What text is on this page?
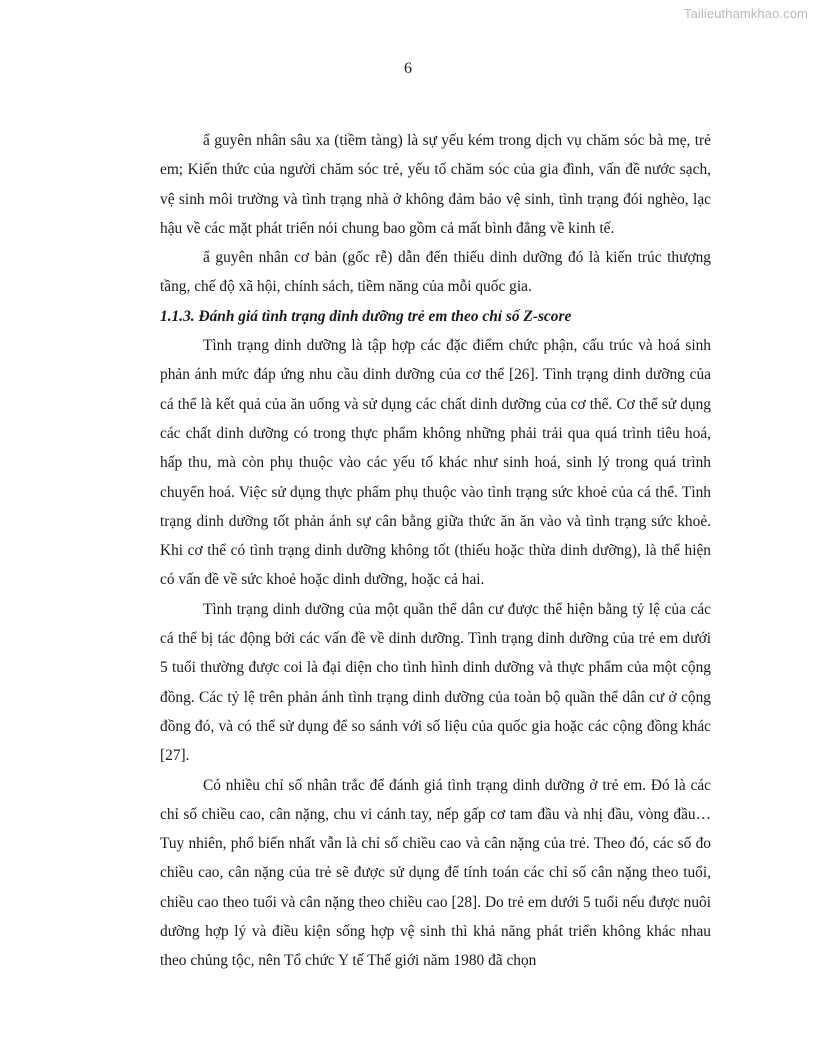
Tailieuthamkhao.com
6

ẩ guyên nhân sâu xa (tiềm tàng) là sự yếu kém trong dịch vụ chăm sóc bà mẹ, trẻ em; Kiến thức của người chăm sóc trẻ, yếu tố chăm sóc của gia đình, vấn đề nước sạch, vệ sinh môi trường và tình trạng nhà ở không đảm bảo vệ sinh, tình trạng đói nghèo, lạc hậu về các mặt phát triển nói chung bao gồm cả mất bình đẳng về kinh tế.

ẩ guyên nhân cơ bản (gốc rễ) dẫn đến thiếu dinh dưỡng đó là kiến trúc thượng tầng, chế độ xã hội, chính sách, tiềm năng của mỗi quốc gia.

1.1.3. Đánh giá tình trạng dinh dưỡng trẻ em theo chỉ số Z-score

Tình trạng dinh dưỡng là tập hợp các đặc điểm chức phận, cấu trúc và hoá sinh phản ánh mức đáp ứng nhu cầu dinh dưỡng của cơ thể [26]. Tình trạng dinh dưỡng của cá thể là kết quả của ăn uống và sử dụng các chất dinh dưỡng của cơ thể. Cơ thể sử dụng các chất dinh dưỡng có trong thực phẩm không những phải trải qua quá trình tiêu hoá, hấp thu, mà còn phụ thuộc vào các yếu tố khác như sinh hoá, sinh lý trong quá trình chuyển hoá. Việc sử dụng thực phẩm phụ thuộc vào tình trạng sức khoẻ của cá thể. Tình trạng dinh dưỡng tốt phản ánh sự cân bằng giữa thức ăn ăn vào và tình trạng sức khoẻ. Khi cơ thể có tình trạng dinh dưỡng không tốt (thiếu hoặc thừa dinh dưỡng), là thể hiện có vấn đề về sức khoẻ hoặc dinh dưỡng, hoặc cả hai.

Tình trạng dinh dưỡng của một quần thể dân cư được thể hiện bằng tỷ lệ của các cá thể bị tác động bởi các vấn đề về dinh dưỡng. Tình trạng dinh dưỡng của trẻ em dưới 5 tuổi thường được coi là đại diện cho tình hình dinh dưỡng và thực phẩm của một cộng đồng. Các tỷ lệ trên phản ánh tình trạng dinh dưỡng của toàn bộ quần thể dân cư ở cộng đồng đó, và có thể sử dụng để so sánh với số liệu của quốc gia hoặc các cộng đồng khác [27].

Có nhiều chỉ số nhân trắc để đánh giá tình trạng dinh dưỡng ở trẻ em. Đó là các chỉ số chiều cao, cân nặng, chu vi cánh tay, nếp gấp cơ tam đầu và nhị đầu, vòng đầu… Tuy nhiên, phổ biến nhất vẫn là chỉ số chiều cao và cân nặng của trẻ. Theo đó, các số đo chiều cao, cân nặng của trẻ sẽ được sử dụng để tính toán các chỉ số cân nặng theo tuổi, chiều cao theo tuổi và cân nặng theo chiều cao [28]. Do trẻ em dưới 5 tuổi nếu được nuôi dưỡng hợp lý và điều kiện sống hợp vệ sinh thì khả năng phát triển không khác nhau theo chủng tộc, nên Tổ chức Y tế Thế giới năm 1980 đã chọn
